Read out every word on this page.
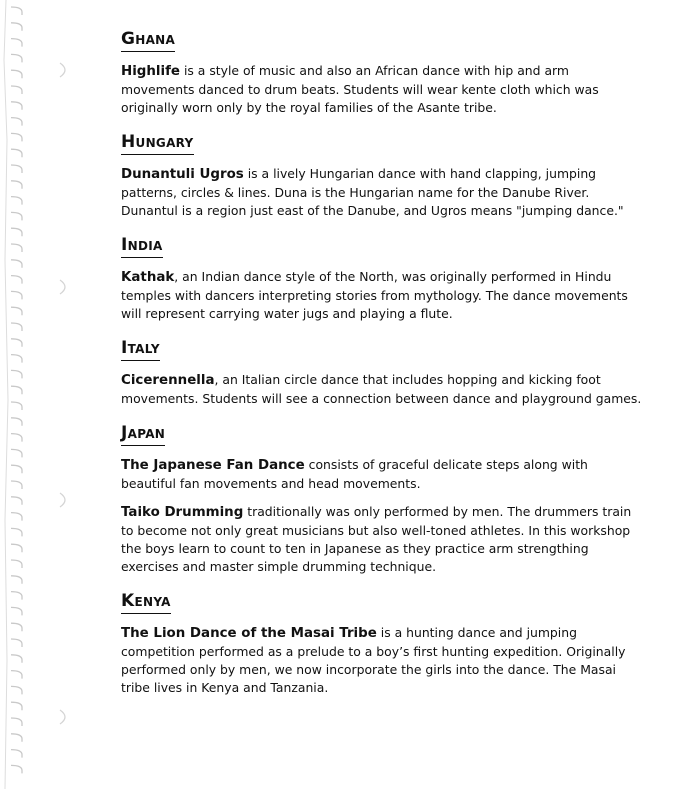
Ghana

Highlife is a style of music and also an African dance with hip and arm movements danced to drum beats. Students will wear kente cloth which was originally worn only by the royal families of the Asante tribe.

Hungary

Dunantuli Ugros is a lively Hungarian dance with hand clapping, jumping patterns, circles & lines. Duna is the Hungarian name for the Danube River. Dunantul is a region just east of the Danube, and Ugros means "jumping dance."

India

Kathak, an Indian dance style of the North, was originally performed in Hindu temples with dancers interpreting stories from mythology. The dance movements will represent carrying water jugs and playing a flute.

Italy

Cicerennella, an Italian circle dance that includes hopping and kicking foot movements. Students will see a connection between dance and playground games.

Japan

The Japanese Fan Dance consists of graceful delicate steps along with beautiful fan movements and head movements.

Taiko Drumming traditionally was only performed by men. The drummers train to become not only great musicians but also well-toned athletes. In this workshop the boys learn to count to ten in Japanese as they practice arm strengthing exercises and master simple drumming technique.

Kenya

The Lion Dance of the Masai Tribe is a hunting dance and jumping competition performed as a prelude to a boy’s first hunting expedition. Originally performed only by men, we now incorporate the girls into the dance. The Masai tribe lives in Kenya and Tanzania.
